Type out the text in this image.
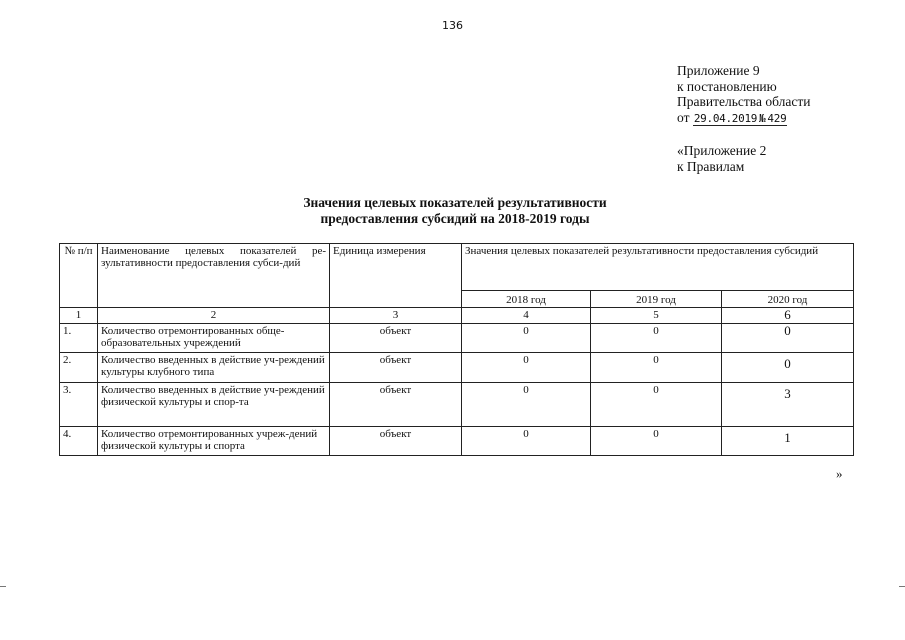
136
Приложение 9
к постановлению
Правительства области
от 29.04.2019 № 429
«Приложение 2
к Правилам
Значения целевых показателей результативности
предоставления субсидий на 2018-2019 годы
№ п/п	Наименование целевых показателей ре-зультативности предоставления субси-дий	Единица измерения	Значения целевых показателей результативности предоставления субсидий		
			2018 год	2019 год	2020 год
1	2	3	4	5	6
1.	Количество отремонтированных обще-образовательных учреждений	объект	0	0	0
2.	Количество введенных в действие уч-реждений культуры клубного типа	объект	0	0	0
3.	Количество введенных в действие уч-реждений физической культуры и спор-та	объект	0	0	3
4.	Количество отремонтированных учреж-дений физической культуры и спорта	объект	0	0	1
»
